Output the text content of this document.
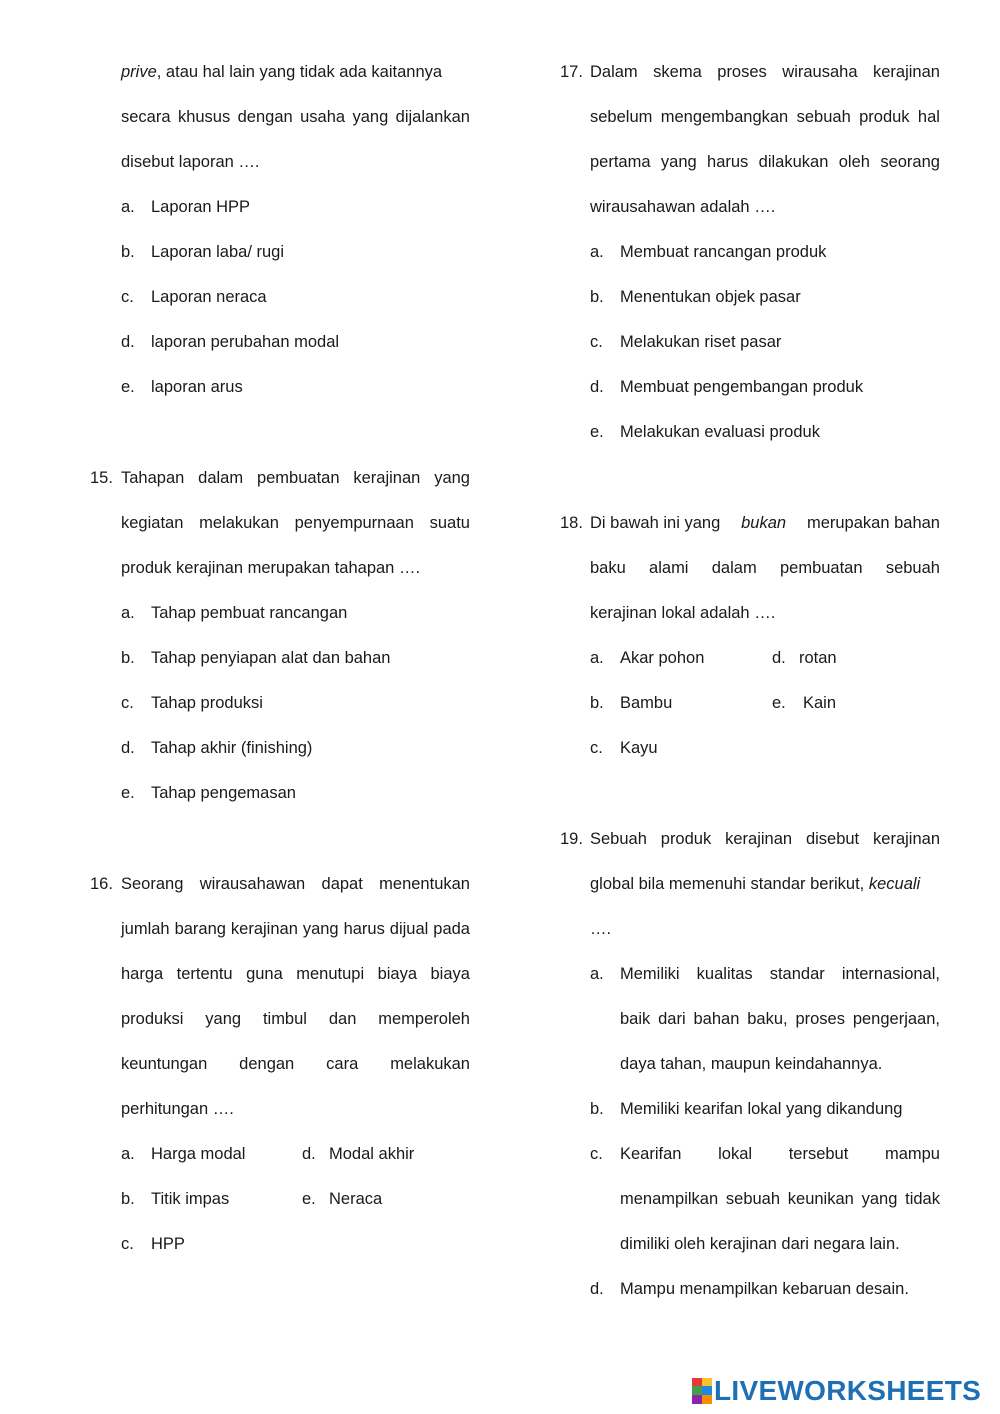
prive, atau hal lain yang tidak ada kaitannya
secara khusus dengan usaha yang dijalankan
disebut laporan ….
a. Laporan HPP
b. Laporan laba/ rugi
c. Laporan neraca
d. laporan perubahan modal
e. laporan arus
15. Tahapan dalam pembuatan kerajinan yang
kegiatan melakukan penyempurnaan suatu
produk kerajinan merupakan tahapan ….
a. Tahap pembuat rancangan
b. Tahap penyiapan alat dan bahan
c. Tahap produksi
d. Tahap akhir (finishing)
e. Tahap pengemasan
16. Seorang wirausahawan dapat menentukan
jumlah barang kerajinan yang harus dijual pada
harga tertentu guna menutupi biaya biaya
produksi yang timbul dan memperoleh
keuntungan dengan cara melakukan
perhitungan ….
a. Harga modal
b. Titik impas
c. HPP
d. Modal akhir
e. Neraca
17. Dalam skema proses wirausaha kerajinan
sebelum mengembangkan sebuah produk hal
pertama yang harus dilakukan oleh seorang
wirausahawan adalah ….
a. Membuat rancangan produk
b. Menentukan objek pasar
c. Melakukan riset pasar
d. Membuat pengembangan produk
e. Melakukan evaluasi produk
18. Di bawah ini yang bukan merupakan bahan
baku alami dalam pembuatan sebuah
kerajinan lokal adalah ….
a. Akar pohon
b. Bambu
c. Kayu
d. rotan
e. Kain
19. Sebuah produk kerajinan disebut kerajinan
global bila memenuhi standar berikut, kecuali
….
a. Memiliki kualitas standar internasional,
baik dari bahan baku, proses pengerjaan,
daya tahan, maupun keindahannya.
b. Memiliki kearifan lokal yang dikandung
c. Kearifan lokal tersebut mampu
menampilkan sebuah keunikan yang tidak
dimiliki oleh kerajinan dari negara lain.
d. Mampu menampilkan kebaruan desain.
LIVEWORKSHEETS
